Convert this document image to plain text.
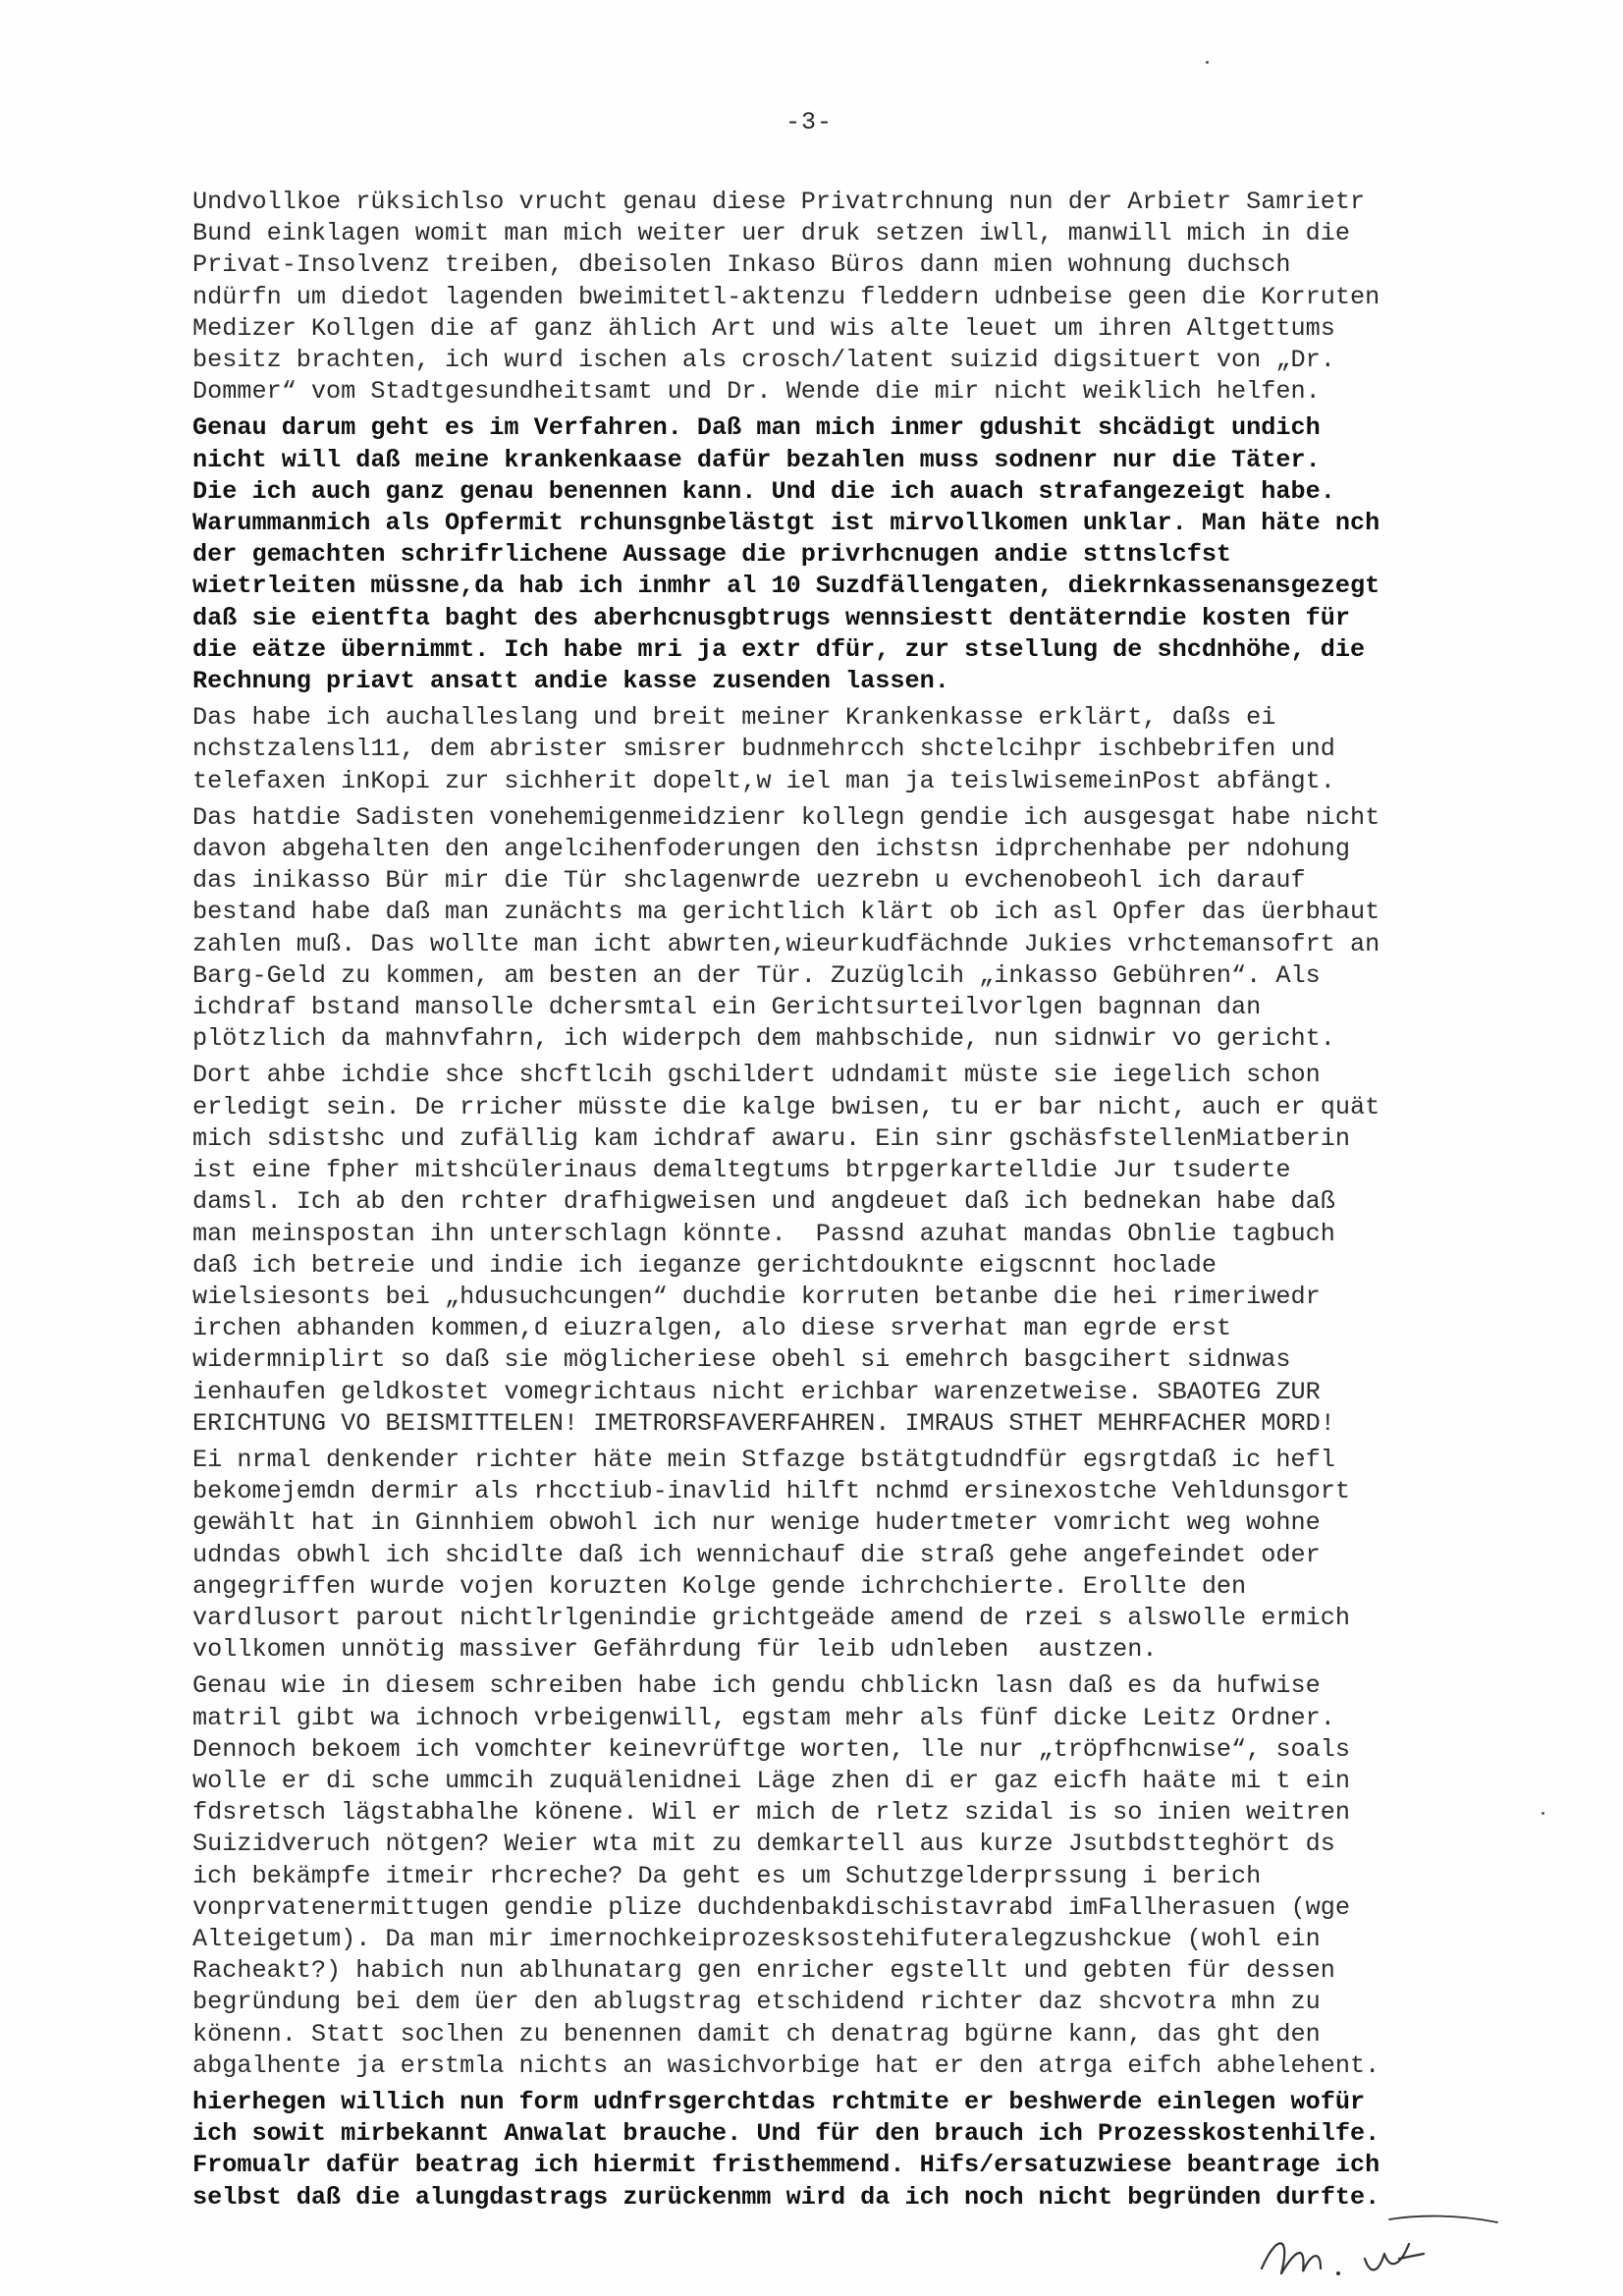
-3-
Undvollkoe rüksichlso vrucht genau diese Privatrchnung nun der Arbietr Samrietr
Bund einklagen womit man mich weiter uer druk setzen iwll, manwill mich in die
Privat-Insolvenz treiben, dbeisolen Inkaso Büros dann mien wohnung duchsch
ndürfn um diedot lagenden bweimitetl-aktenzu fleddern udnbeise geen die Korruten
Medizer Kollgen die af ganz ählich Art und wis alte leuet um ihren Altgettums
besitz brachten, ich wurd ischen als crosch/latent suizid digsituert von „Dr.
Dommer“ vom Stadtgesundheitsamt und Dr. Wende die mir nicht weiklich helfen.
Genau darum geht es im Verfahren. Daß man mich inmer gdushit shcädigt undich
nicht will daß meine krankenkaase dafür bezahlen muss sodnenr nur die Täter.
Die ich auch ganz genau benennen kann. Und die ich auach strafangezeigt habe.
Warummanmich als Opfermit rchunsgnbelästgt ist mirvollkomen unklar. Man häte nch
der gemachten schrifrlichene Aussage die privrhcnugen andie sttnslcfst
wietrleiten müssne,da hab ich inmhr al 10 Suzdfällengaten, diekrnkassenansgezegt
daß sie eientfta baght des aberhcnusgbtrugs wennsiestt dentäterndie kosten für
die eätze übernimmt. Ich habe mri ja extr dfür, zur stsellung de shcdnhöhe, die
Rechnung priavt ansatt andie kasse zusenden lassen.
Das habe ich auchalleslang und breit meiner Krankenkasse erklärt, daßs ei
nchstzalensl11, dem abrister smisrer budnmehrcch shctelcihpr ischbebrifen und
telefaxen inKopi zur sichherit dopelt,w iel man ja teislwisemeinPost abfängt.
Das hatdie Sadisten vonehemigenmeidzienr kollegn gendie ich ausgesgat habe nicht
davon abgehalten den angelcihenfoderungen den ichstsn idprchenhabe per ndohung
das inikasso Bür mir die Tür shclagenwrde uezrebn u evchenobeohl ich darauf
bestand habe daß man zunächts ma gerichtlich klärt ob ich asl Opfer das üerbhaut
zahlen muß. Das wollte man icht abwrten,wieurkudfächnde Jukies vrhctemansofrt an
Barg-Geld zu kommen, am besten an der Tür. Zuzüglcih „inkasso Gebühren“. Als
ichdraf bstand mansolle dchersmtal ein Gerichtsurteilvorlgen bagnnan dan
plötzlich da mahnvfahrn, ich widerpch dem mahbschide, nun sidnwir vo gericht.
Dort ahbe ichdie shce shcftlcih gschildert udndamit müste sie iegelich schon
erledigt sein. De rricher müsste die kalge bwisen, tu er bar nicht, auch er quät
mich sdistshc und zufällig kam ichdraf awaru. Ein sinr gschäsfstellenMiatberin
ist eine fpher mitshcülerinaus demaltegtums btrpgerkartelldie Jur tsuderte
damsl. Ich ab den rchter drafhigweisen und angdeuet daß ich bednekan habe daß
man meinspostan ihn unterschlagn könnte.  Passnd azuhat mandas Obnlie tagbuch
daß ich betreie und indie ich ieganze gerichtdouknte eigscnnt hoclade
wielsiesonts bei „hdusuchcungen“ duchdie korruten betanbe die hei rimeriwedr
irchen abhanden kommen,d eiuzralgen, alo diese srverhat man egrde erst
widermniplirt so daß sie möglicheriese obehl si emehrch basgcihert sidnwas
ienhaufen geldkostet vomegrichtaus nicht erichbar warenzetweise. SBAOTEG ZUR
ERICHTUNG VO BEISMITTELEN! IMETRORSFAVERFAHREN. IMRAUS STHET MEHRFACHER MORD!
Ei nrmal denkender richter häte mein Stfazge bstätgtudndfür egsrgtdaß ic hefl
bekomejemdn dermir als rhcctiub-inavlid hilft nchmd ersinexostche Vehldunsgort
gewählt hat in Ginnhiem obwohl ich nur wenige hudertmeter vomricht weg wohne
udndas obwhl ich shcidlte daß ich wennichauf die straß gehe angefeindet oder
angegriffen wurde vojen koruzten Kolge gende ichrchchierte. Erollte den
vardlusort parout nichtlrlgenindie grichtgeäde amend de rzei s alswolle ermich
vollkomen unnötig massiver Gefährdung für leib udnleben  austzen.
Genau wie in diesem schreiben habe ich gendu chblickn lasn daß es da hufwise
matril gibt wa ichnoch vrbeigenwill, egstam mehr als fünf dicke Leitz Ordner.
Dennoch bekoem ich vomchter keinevrüftge worten, lle nur „tröpfhcnwise“, soals
wolle er di sche ummcih zuquälenidnei Läge zhen di er gaz eicfh haäte mi t ein
fdsretsch lägstabhalhe könene. Wil er mich de rletz szidal is so inien weitren
Suizidveruch nötgen? Weier wta mit zu demkartell aus kurze Jsutbdstteghört ds
ich bekämpfe itmeir rhcreche? Da geht es um Schutzgelderprssung i berich
vonprvatenermittugen gendie plize duchdenbakdischistavrabd imFallherasuen (wge
Alteigetum). Da man mir imernochkeiprozesksostehifuteralegzushckue (wohl ein
Racheakt?) habich nun ablhunatarg gen enricher egstellt und gebten für dessen
begründung bei dem üer den ablugstrag etschidend richter daz shcvotra mhn zu
könenn. Statt soclhen zu benennen damit ch denatrag bgürne kann, das ght den
abgalhente ja erstmla nichts an wasichvorbige hat er den atrga eifch abhelehent.
hierhegen willich nun form udnfrsgerchtdas rchtmite er beshwerde einlegen wofür
ich sowit mirbekannt Anwalat brauche. Und für den brauch ich Prozesskostenhilfe.
Fromualr dafür beatrag ich hiermit fristhemmend. Hifs/ersatuzwiese beantrage ich
selbst daß die alungdastrags zurückenmm wird da ich noch nicht begründen durfte.
